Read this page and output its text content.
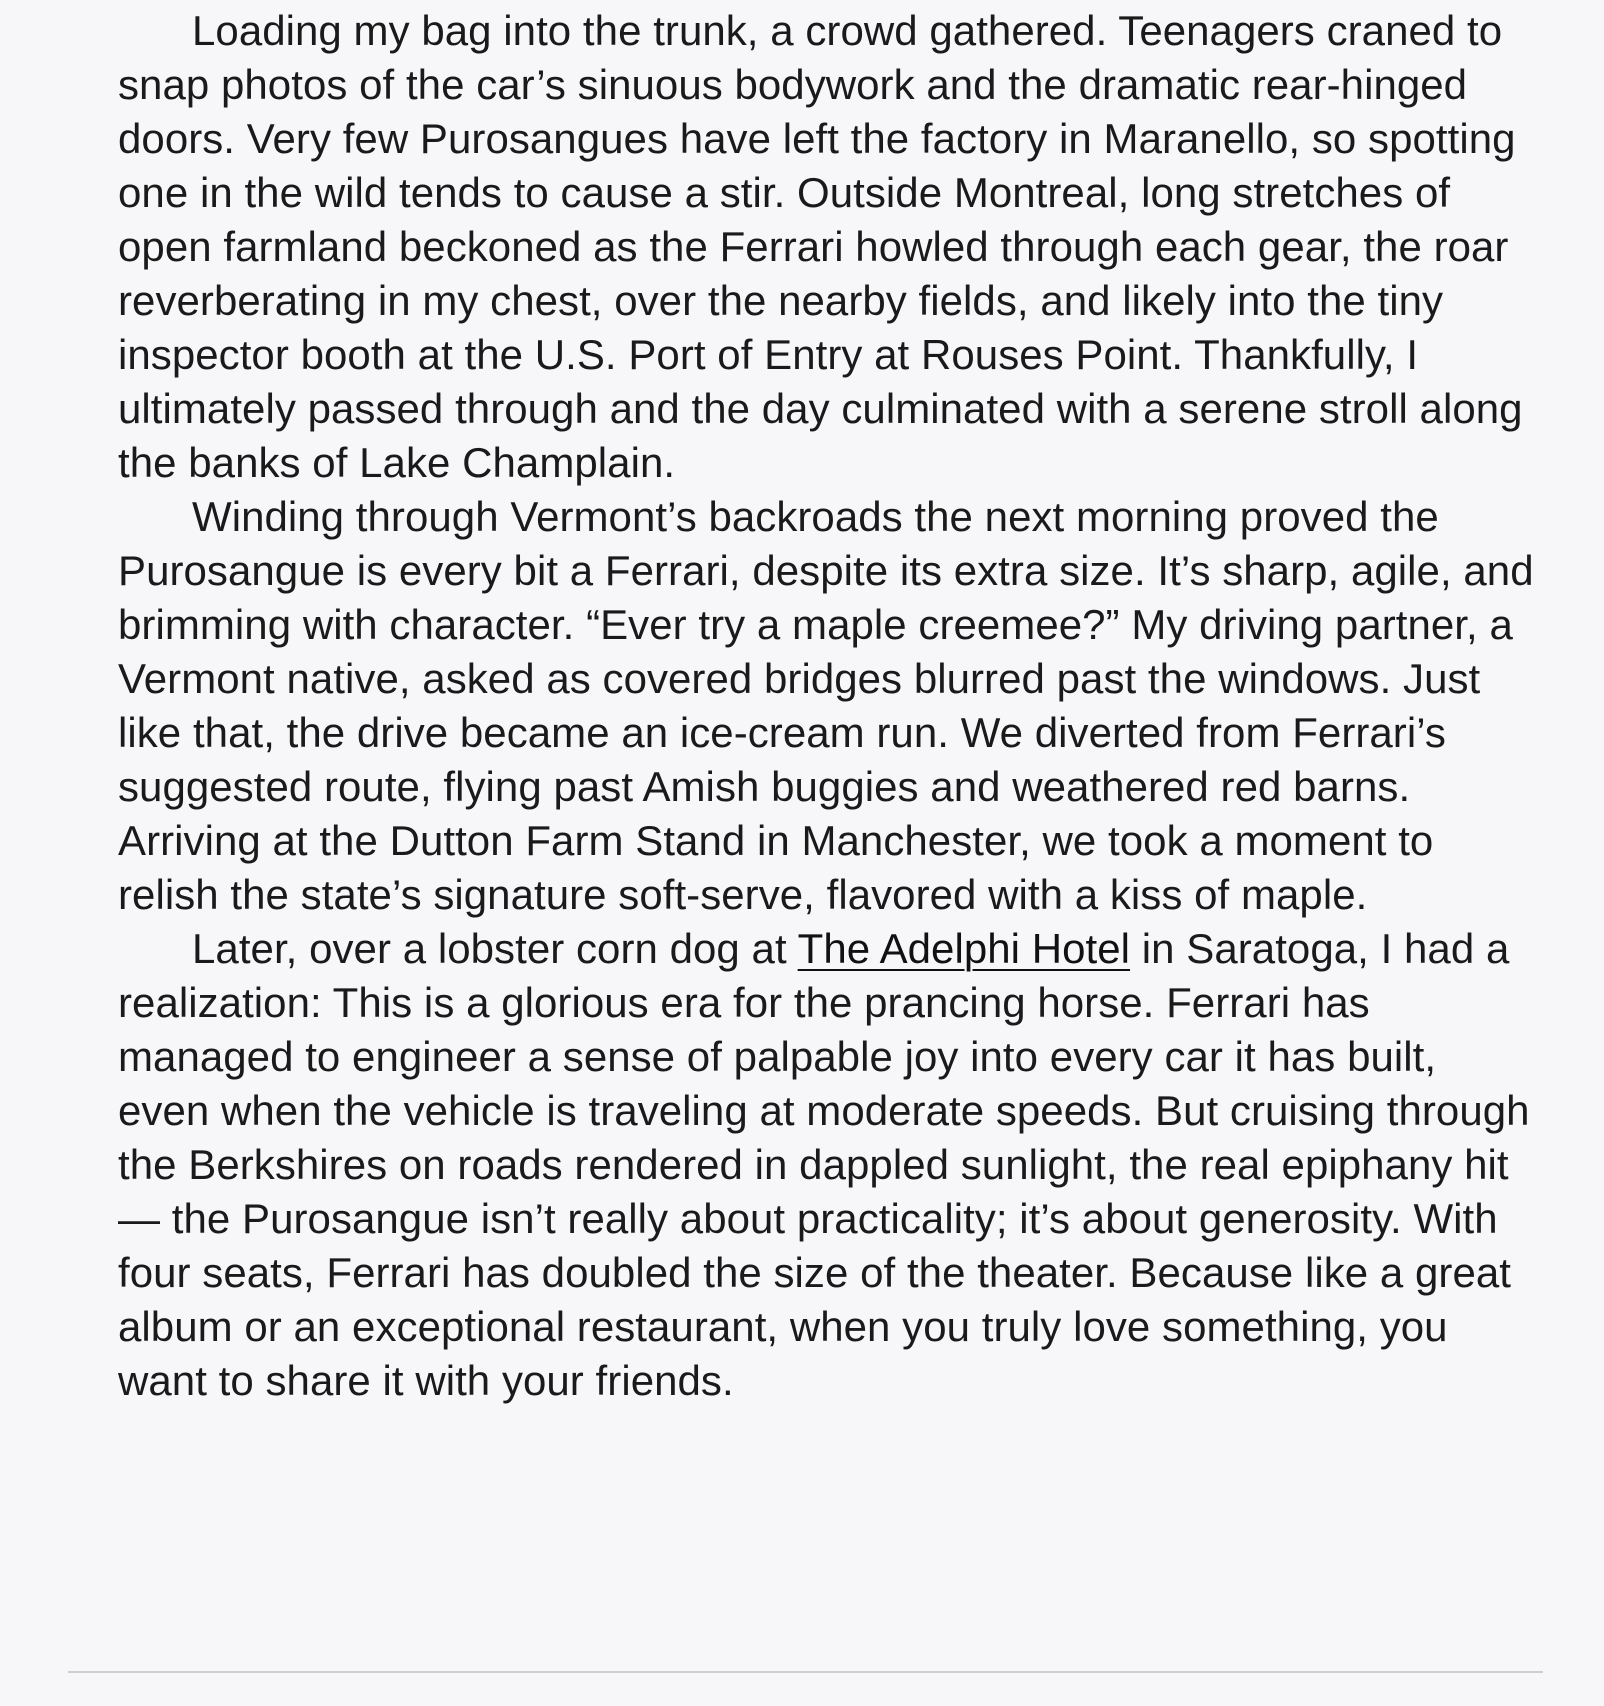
Loading my bag into the trunk, a crowd gathered. Teenagers craned to snap photos of the car’s sinuous bodywork and the dramatic rear-hinged doors. Very few Purosangues have left the factory in Maranello, so spotting one in the wild tends to cause a stir. Outside Montreal, long stretches of open farmland beckoned as the Ferrari howled through each gear, the roar reverberating in my chest, over the nearby fields, and likely into the tiny inspector booth at the U.S. Port of Entry at Rouses Point. Thankfully, I ultimately passed through and the day culminated with a serene stroll along the banks of Lake Champlain.

Winding through Vermont’s backroads the next morning proved the Purosangue is every bit a Ferrari, despite its extra size. It’s sharp, agile, and brimming with character. “Ever try a maple creemee?” My driving partner, a Vermont native, asked as covered bridges blurred past the windows. Just like that, the drive became an ice-cream run. We diverted from Ferrari’s suggested route, flying past Amish buggies and weathered red barns. Arriving at the Dutton Farm Stand in Manchester, we took a moment to relish the state’s signature soft-serve, flavored with a kiss of maple.

Later, over a lobster corn dog at The Adelphi Hotel in Saratoga, I had a realization: This is a glorious era for the prancing horse. Ferrari has managed to engineer a sense of palpable joy into every car it has built, even when the vehicle is traveling at moderate speeds. But cruising through the Berkshires on roads rendered in dappled sunlight, the real epiphany hit — the Purosangue isn’t really about practicality; it’s about generosity. With four seats, Ferrari has doubled the size of the theater. Because like a great album or an exceptional restaurant, when you truly love something, you want to share it with your friends.
